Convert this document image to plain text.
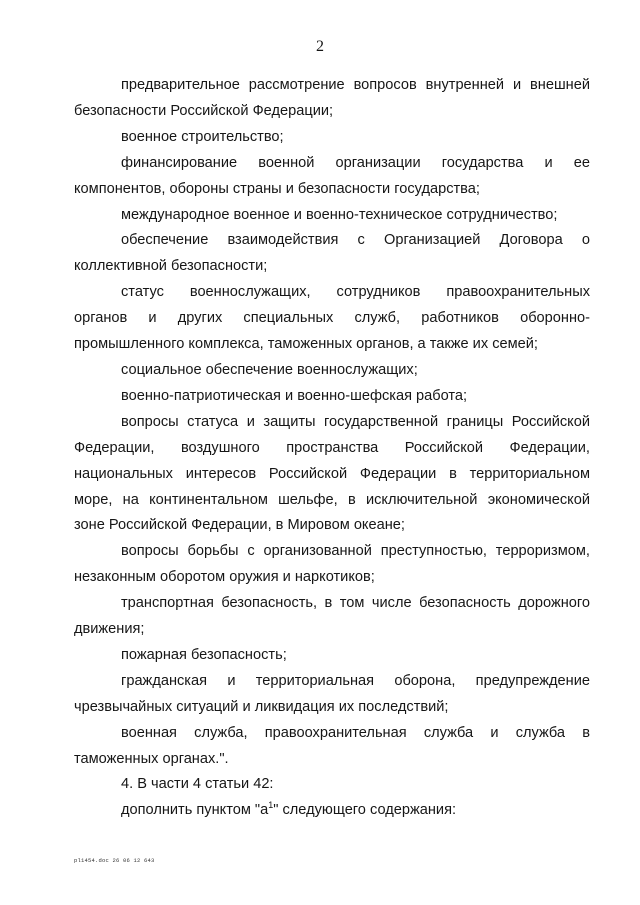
2
предварительное рассмотрение вопросов внутренней и внешней
безопасности Российской Федерации;
военное строительство;
финансирование военной организации государства и ее
компонентов, обороны страны и безопасности государства;
международное военное и военно-техническое сотрудничество;
обеспечение взаимодействия с Организацией Договора о
коллективной безопасности;
статус военнослужащих, сотрудников правоохранительных
органов и других специальных служб, работников оборонно-
промышленного комплекса, таможенных органов, а также их семей;
социальное обеспечение военнослужащих;
военно-патриотическая и военно-шефская работа;
вопросы статуса и защиты государственной границы Российской
Федерации, воздушного пространства Российской Федерации,
национальных интересов Российской Федерации в территориальном
море, на континентальном шельфе, в исключительной экономической
зоне Российской Федерации, в Мировом океане;
вопросы борьбы с организованной преступностью, терроризмом,
незаконным оборотом оружия и наркотиков;
транспортная безопасность, в том числе безопасность дорожного
движения;
пожарная безопасность;
гражданская и территориальная оборона, предупреждение
чрезвычайных ситуаций и ликвидация их последствий;
военная служба, правоохранительная служба и служба в
таможенных органах.".
4. В части 4 статьи 42:
дополнить пунктом "$а^1$" следующего содержания:
pl1454.doc 26 06 12 643
